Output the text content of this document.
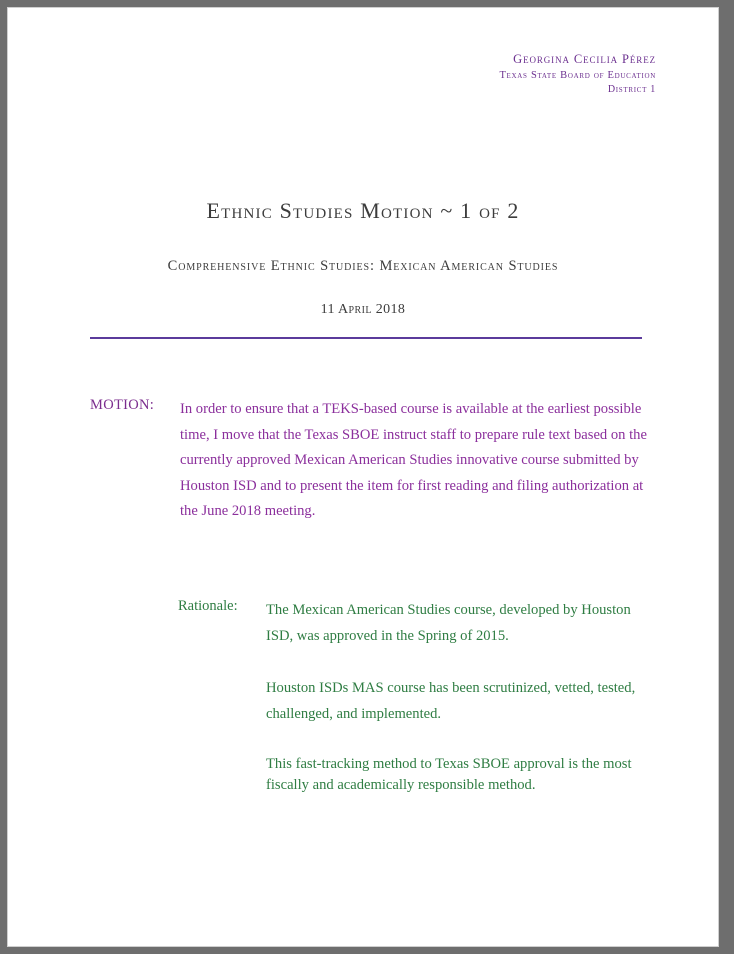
Georgina Cecilia Pérez
Texas State Board of Education
District 1
Ethnic Studies Motion ~ 1 of 2
Comprehensive Ethnic Studies: Mexican American Studies
11 April 2018
MOTION:	In order to ensure that a TEKS-based course is available at the earliest possible time, I move that the Texas SBOE instruct staff to prepare rule text based on the currently approved Mexican American Studies innovative course submitted by Houston ISD and to present the item for first reading and filing authorization at the June 2018 meeting.
Rationale:	The Mexican American Studies course, developed by Houston ISD, was approved in the Spring of 2015.

Houston ISDs MAS course has been scrutinized, vetted, tested, challenged, and implemented.

This fast-tracking method to Texas SBOE approval is the most fiscally and academically responsible method.
